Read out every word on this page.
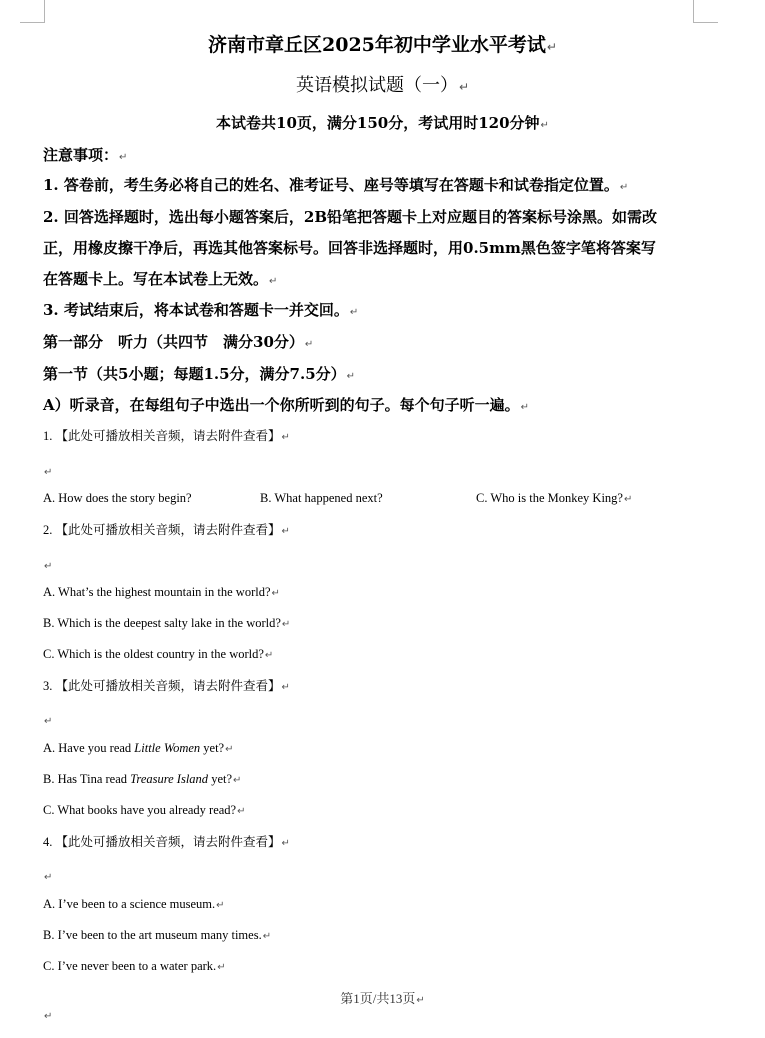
济南市章丘区2025年初中学业水平考试↵
英语模拟试题（一）↵
本试卷共10页，满分150分，考试用时120分钟↵
注意事项：↵
1. 答卷前，考生务必将自己的姓名、准考证号、座号等填写在答题卡和试卷指定位置。↵
2. 回答选择题时，选出每小题答案后，2B铅笔把答题卡上对应题目的答案标号涂黑。如需改
正，用橡皮擦干净后，再选其他答案标号。回答非选择题时，用0.5mm黑色签字笔将答案写
在答题卡上。写在本试卷上无效。↵
3. 考试结束后，将本试卷和答题卡一并交回。↵
第一部分　听力（共四节　满分30分）↵
第一节（共5小题；每题1.5分，满分7.5分）↵
A）听录音，在每组句子中选出一个你所听到的句子。每个句子听一遍。↵
1. 【此处可播放相关音频，请去附件查看】↵
↵
A. How does the story begin?	B. What happened next?	C. Who is the Monkey King?↵
2. 【此处可播放相关音频，请去附件查看】↵
↵
A. What’s the highest mountain in the world?↵
B. Which is the deepest salty lake in the world?↵
C. Which is the oldest country in the world?↵
3. 【此处可播放相关音频，请去附件查看】↵
↵
A. Have you read Little Women yet?↵
B. Has Tina read Treasure Island yet?↵
C. What books have you already read?↵
4. 【此处可播放相关音频，请去附件查看】↵
↵
A. I’ve been to a science museum.↵
B. I’ve been to the art museum many times.↵
C. I’ve never been to a water park.↵
第1页/共13页↵
↵
